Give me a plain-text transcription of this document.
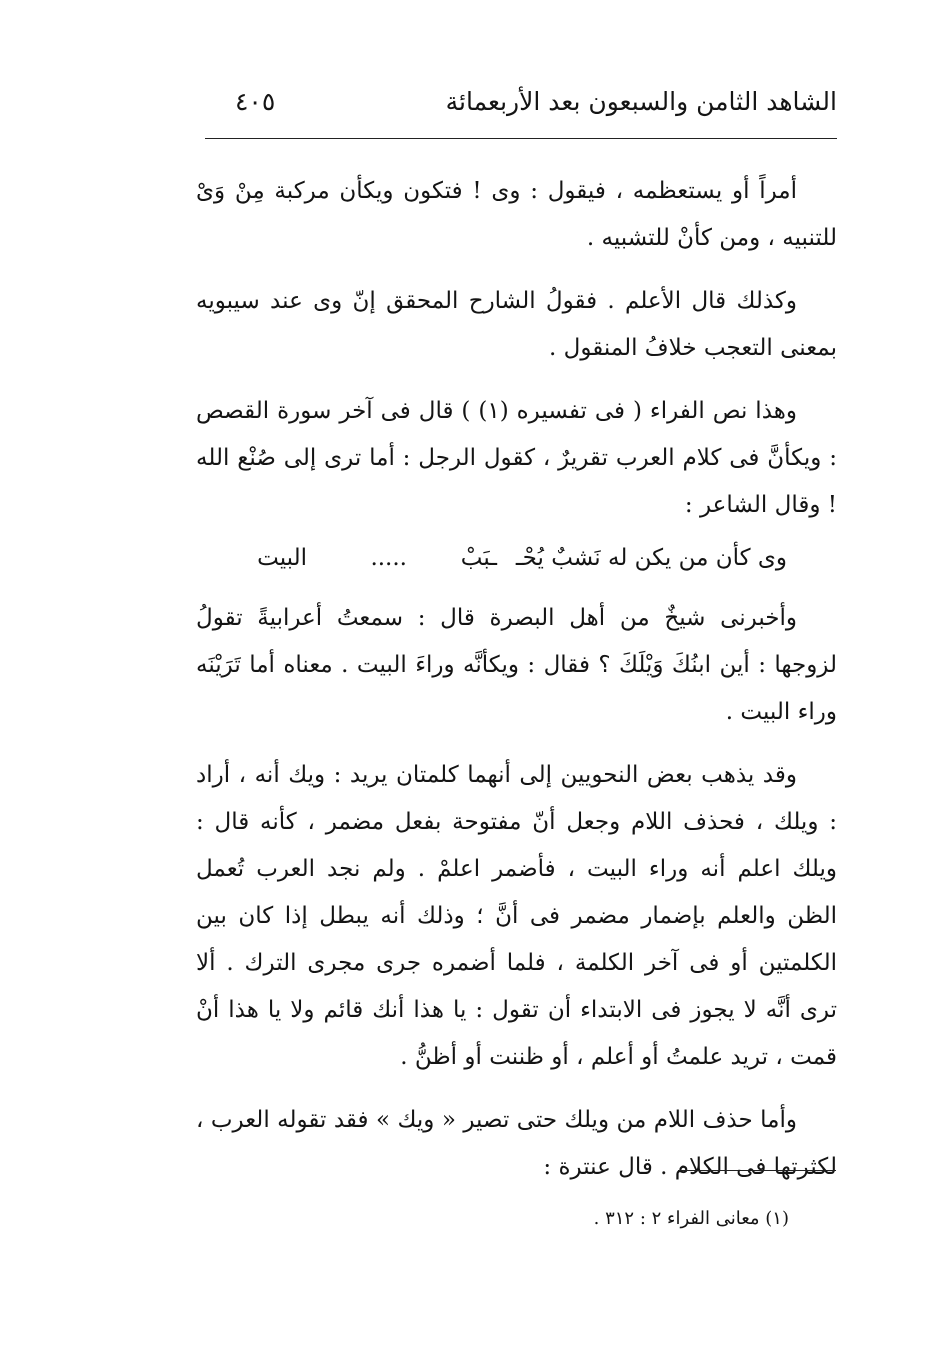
الشاهد الثامن والسبعون بعد الأربعمائة
٤٠٥

أمراً أو يستعظمه ، فيقول : وى ! فتكون ويكأن مركبة مِنْ وَىْ للتنبيه ، ومن كأنْ للتشبيه .

وكذلك قال الأعلم . فقولُ الشارح المحقق إنّ وى عند سيبويه بمعنى التعجب خلافُ المنقول .

وهذا نص الفراء ( فى تفسيره (١) ) قال فى آخر سورة القصص : ويكأنَّ فى كلام العرب تقريرٌ ، كقول الرجل : أما ترى إلى صُنْع الله ! وقال الشاعر :

وى كأن من يكن له نَشبٌ يُحْـ
ـبَبْ
.....
البيت

وأخبرنى شيخٌ من أهل البصرة قال : سمعتُ أعرابيةً تقولُ لزوجها : أين ابنُكَ وَيْلَكَ ؟ فقال : ويكأنَّه وراءَ البيت . معناه أما تَرَيْنَه وراء البيت .

وقد يذهب بعض النحويين إلى أنهما كلمتان يريد : ويك أنه ، أراد : ويلك ، فحذف اللام وجعل أنّ مفتوحة بفعل مضمر ، كأنه قال : ويلك اعلم أنه وراء البيت ، فأضمر اعلمْ . ولم نجد العرب تُعمل الظن والعلم بإضمار مضمر فى أنَّ ؛ وذلك أنه يبطل إذا كان بين الكلمتين أو فى آخر الكلمة ، فلما أضمره جرى مجرى الترك . ألا ترى أنَّه لا يجوز فى الابتداء أن تقول : يا هذا أنك قائم ولا يا هذا أنْ قمت ، تريد علمتُ أو أعلم ، أو ظننت أو أظنُّ .

وأما حذف اللام من ويلك حتى تصير « ويك » فقد تقوله العرب ، لكثرتها فى الكلام . قال عنترة :

(١) معانى الفراء ٢ : ٣١٢ .
